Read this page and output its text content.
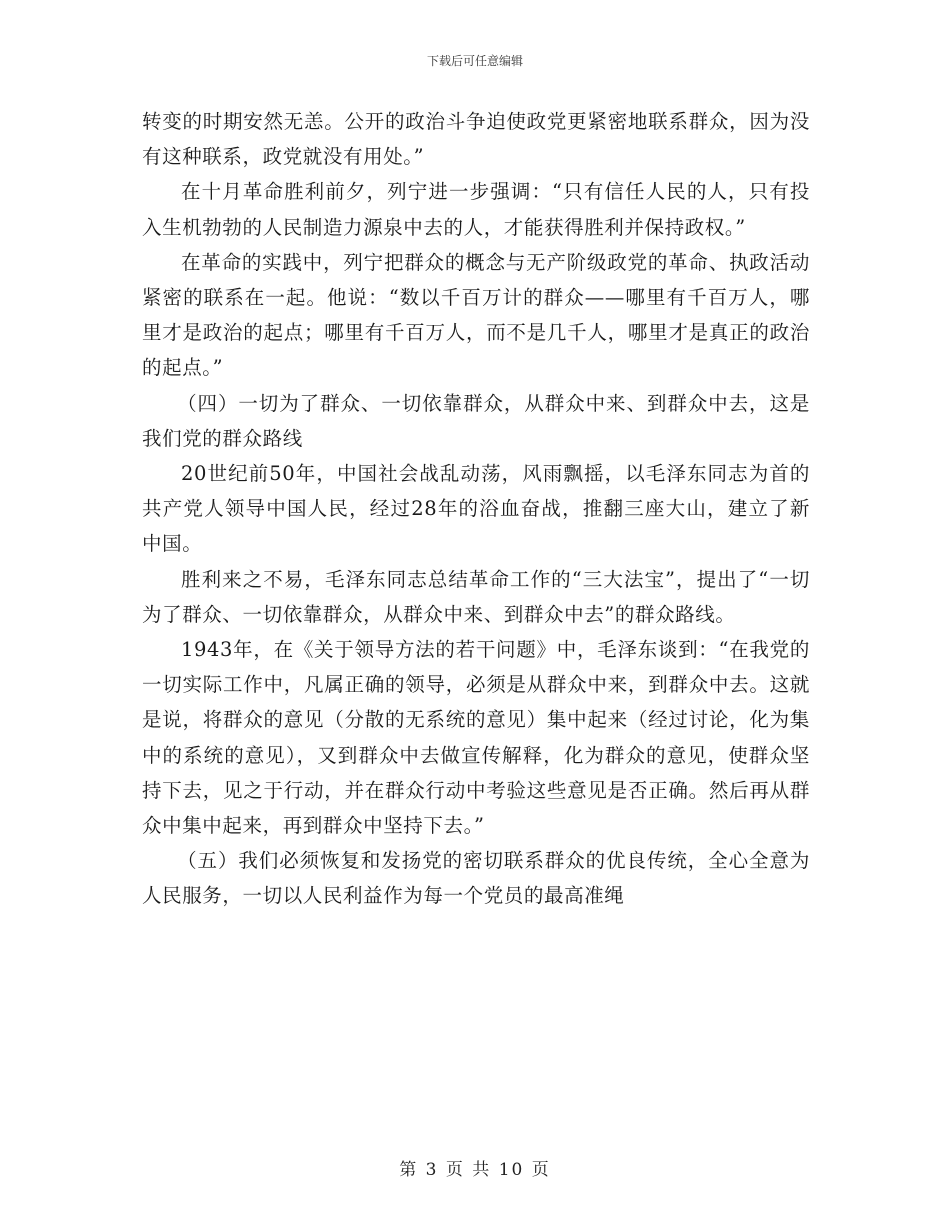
下载后可任意编辑

转变的时期安然无恙。公开的政治斗争迫使政党更紧密地联系群众，因为没有这种联系，政党就没有用处。”

在十月革命胜利前夕，列宁进一步强调：“只有信任人民的人，只有投入生机勃勃的人民制造力源泉中去的人，才能获得胜利并保持政权。”

在革命的实践中，列宁把群众的概念与无产阶级政党的革命、执政活动紧密的联系在一起。他说：“数以千百万计的群众——哪里有千百万人，哪里才是政治的起点；哪里有千百万人，而不是几千人，哪里才是真正的政治的起点。”

（四）一切为了群众、一切依靠群众，从群众中来、到群众中去，这是我们党的群众路线

20世纪前50年，中国社会战乱动荡，风雨飘摇，以毛泽东同志为首的共产党人领导中国人民，经过28年的浴血奋战，推翻三座大山，建立了新中国。

胜利来之不易，毛泽东同志总结革命工作的“三大法宝”，提出了“一切为了群众、一切依靠群众，从群众中来、到群众中去”的群众路线。

1943年，在《关于领导方法的若干问题》中，毛泽东谈到：“在我党的一切实际工作中，凡属正确的领导，必须是从群众中来，到群众中去。这就是说，将群众的意见（分散的无系统的意见）集中起来（经过讨论，化为集中的系统的意见），又到群众中去做宣传解释，化为群众的意见，使群众坚持下去，见之于行动，并在群众行动中考验这些意见是否正确。然后再从群众中集中起来，再到群众中坚持下去。”

（五）我们必须恢复和发扬党的密切联系群众的优良传统，全心全意为人民服务，一切以人民利益作为每一个党员的最高准绳

第 3 页 共 10 页
